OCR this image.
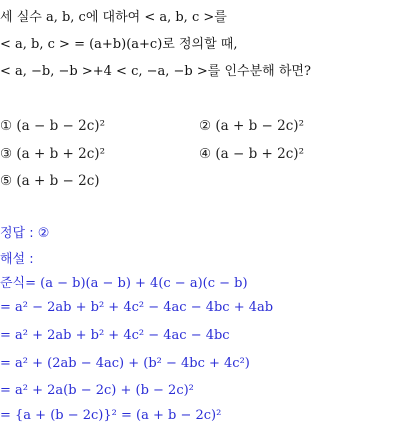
세 실수 a, b, c에 대하여 < a, b, c >를
< a, b, c > = (a+b)(a+c)로 정의할 때,
< a, −b, −b >+4 < c, −a, −b >를 인수분해 하면?
① (a − b − 2c)²	② (a + b − 2c)²
③ (a + b + 2c)²	④ (a − b + 2c)²
⑤ (a + b − 2c)
정답 : ②
해설 :
준식= (a − b)(a − b) + 4(c − a)(c − b)
= a² − 2ab + b² + 4c² − 4ac − 4bc + 4ab
= a² + 2ab + b² + 4c² − 4ac − 4bc
= a² + (2ab − 4ac) + (b² − 4bc + 4c²)
= a² + 2a(b − 2c) + (b − 2c)²
= {a + (b − 2c)}² = (a + b − 2c)²
